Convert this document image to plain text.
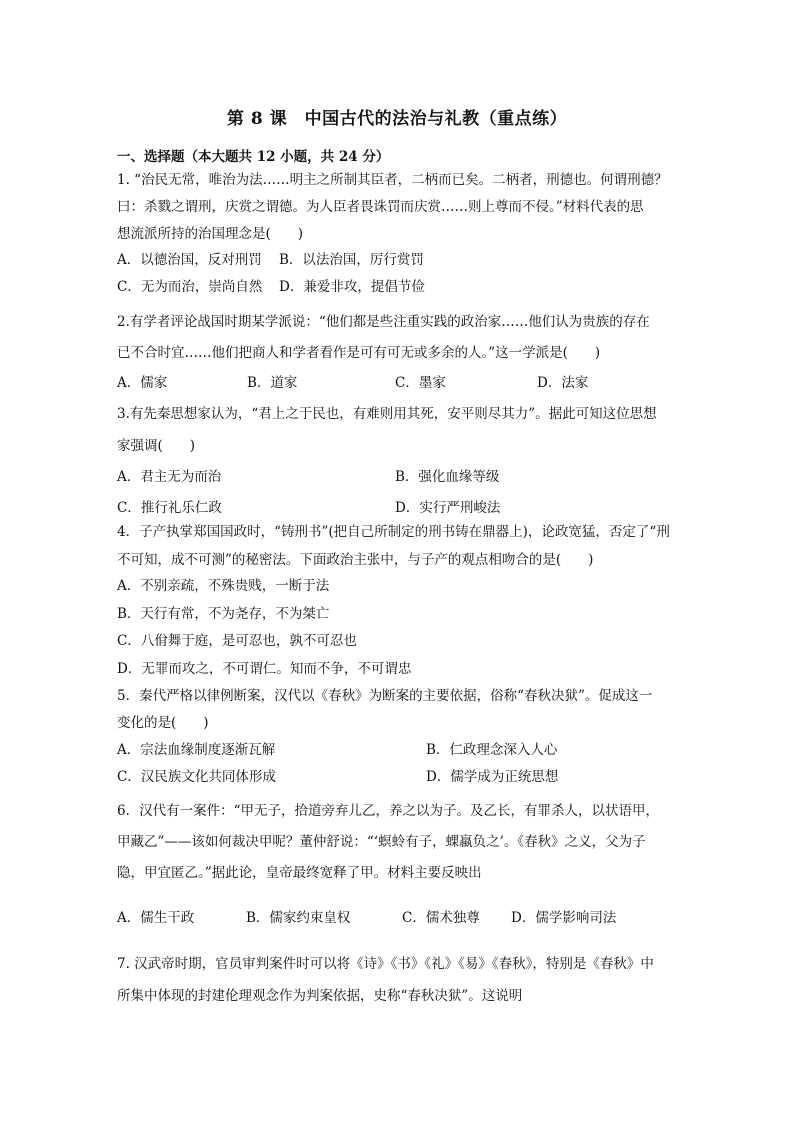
第 8 课　中国古代的法治与礼教（重点练）
一、选择题（本大题共 12 小题，共 24 分）
1. “治民无常，唯治为法……明主之所制其臣者，二柄而已矣。二柄者，刑德也。何谓刑德？
曰：杀戮之谓刑，庆赏之谓德。为人臣者畏诛罚而庆赏……则上尊而不侵。”材料代表的思
想流派所持的治国理念是(　　)
A．以德治国，反对刑罚 B．以法治国，厉行赏罚
C．无为而治，崇尚自然 D．兼爱非攻，提倡节俭
2.有学者评论战国时期某学派说：“他们都是些注重实践的政治家……他们认为贵族的存在
已不合时宜……他们把商人和学者看作是可有可无或多余的人。”这一学派是(　　)
A．儒家	B．道家	C．墨家	D．法家
3.有先秦思想家认为，“君上之于民也，有难则用其死，安平则尽其力”。据此可知这位思想
家强调(　　)
A．君主无为而治	B．强化血缘等级
C．推行礼乐仁政	D．实行严刑峻法
4．子产执掌郑国国政时，“铸刑书”(把自己所制定的刑书铸在鼎器上)，论政宽猛，否定了“刑
不可知，成不可测”的秘密法。下面政治主张中，与子产的观点相吻合的是(　　)
A．不别亲疏，不殊贵贱，一断于法
B．天行有常，不为尧存，不为桀亡
C．八佾舞于庭，是可忍也，孰不可忍也
D．无罪而攻之，不可谓仁。知而不争，不可谓忠
5．秦代严格以律例断案，汉代以《春秋》为断案的主要依据，俗称“春秋决狱”。促成这一
变化的是(　　)
A．宗法血缘制度逐渐瓦解	B．仁政理念深入人心
C．汉民族文化共同体形成	D．儒学成为正统思想
6．汉代有一案件：“甲无子，拾道旁弃儿乙，养之以为子。及乙长，有罪杀人，以状语甲，
甲藏乙”——该如何裁决甲呢？董仲舒说：“‘螟蛉有子，蜾蠃负之’。《春秋》之义，父为子
隐，甲宜匿乙。”据此论，皇帝最终宽释了甲。材料主要反映出
A．儒生干政	B．儒家约束皇权	C．儒术独尊 D．儒学影响司法
7. 汉武帝时期，官员审判案件时可以将《诗》《书》《礼》《易》《春秋》，特别是《春秋》中
所集中体现的封建伦理观念作为判案依据，史称“春秋决狱”。这说明
